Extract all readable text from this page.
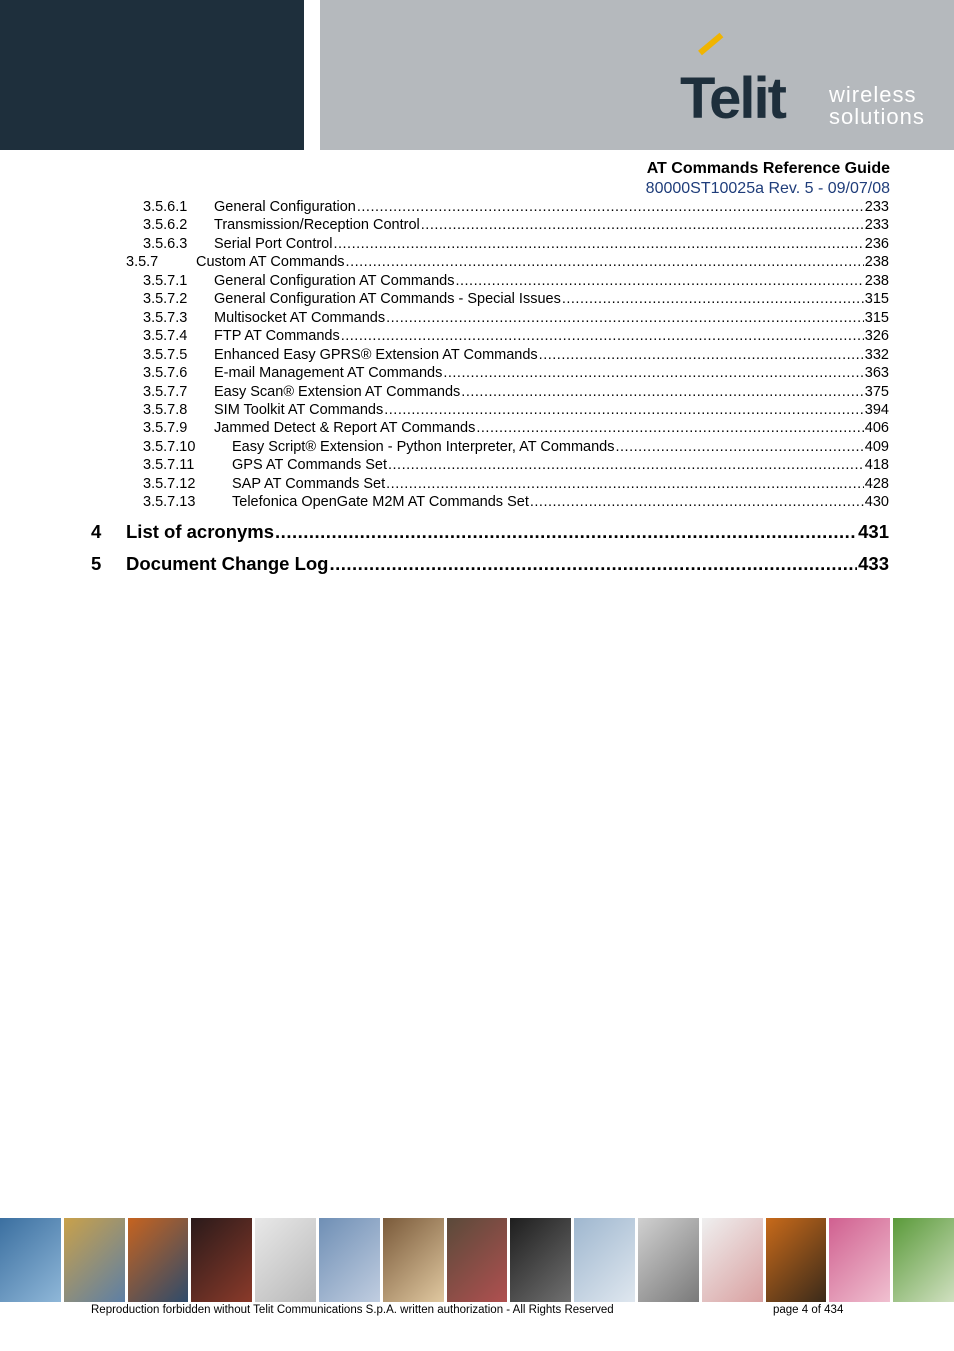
Telit wireless
solutions
AT Commands Reference Guide
80000ST10025a Rev. 5 - 09/07/08
3.5.6.1	General Configuration .....	233
3.5.6.2	Transmission/Reception Control .....	233
3.5.6.3	Serial Port Control .....	236
3.5.7	Custom AT Commands .....	238
3.5.7.1	General Configuration AT Commands .....	238
3.5.7.2	General Configuration AT Commands - Special Issues .....	315
3.5.7.3	Multisocket AT Commands .....	315
3.5.7.4	FTP AT Commands .....	326
3.5.7.5	Enhanced Easy GPRS® Extension AT Commands .....	332
3.5.7.6	E-mail Management AT Commands .....	363
3.5.7.7	Easy Scan® Extension AT Commands .....	375
3.5.7.8	SIM Toolkit AT Commands .....	394
3.5.7.9	Jammed Detect & Report AT Commands .....	406
3.5.7.10	Easy Script® Extension - Python Interpreter, AT Commands .....	409
3.5.7.11	GPS AT Commands Set .....	418
3.5.7.12	SAP AT Commands Set .....	428
3.5.7.13	Telefonica OpenGate M2M AT Commands Set .....	430
4	List of acronyms .....	431
5	Document Change Log .....	433
Reproduction forbidden without Telit Communications S.p.A. written authorization - All Rights Reserved	page 4 of 434
